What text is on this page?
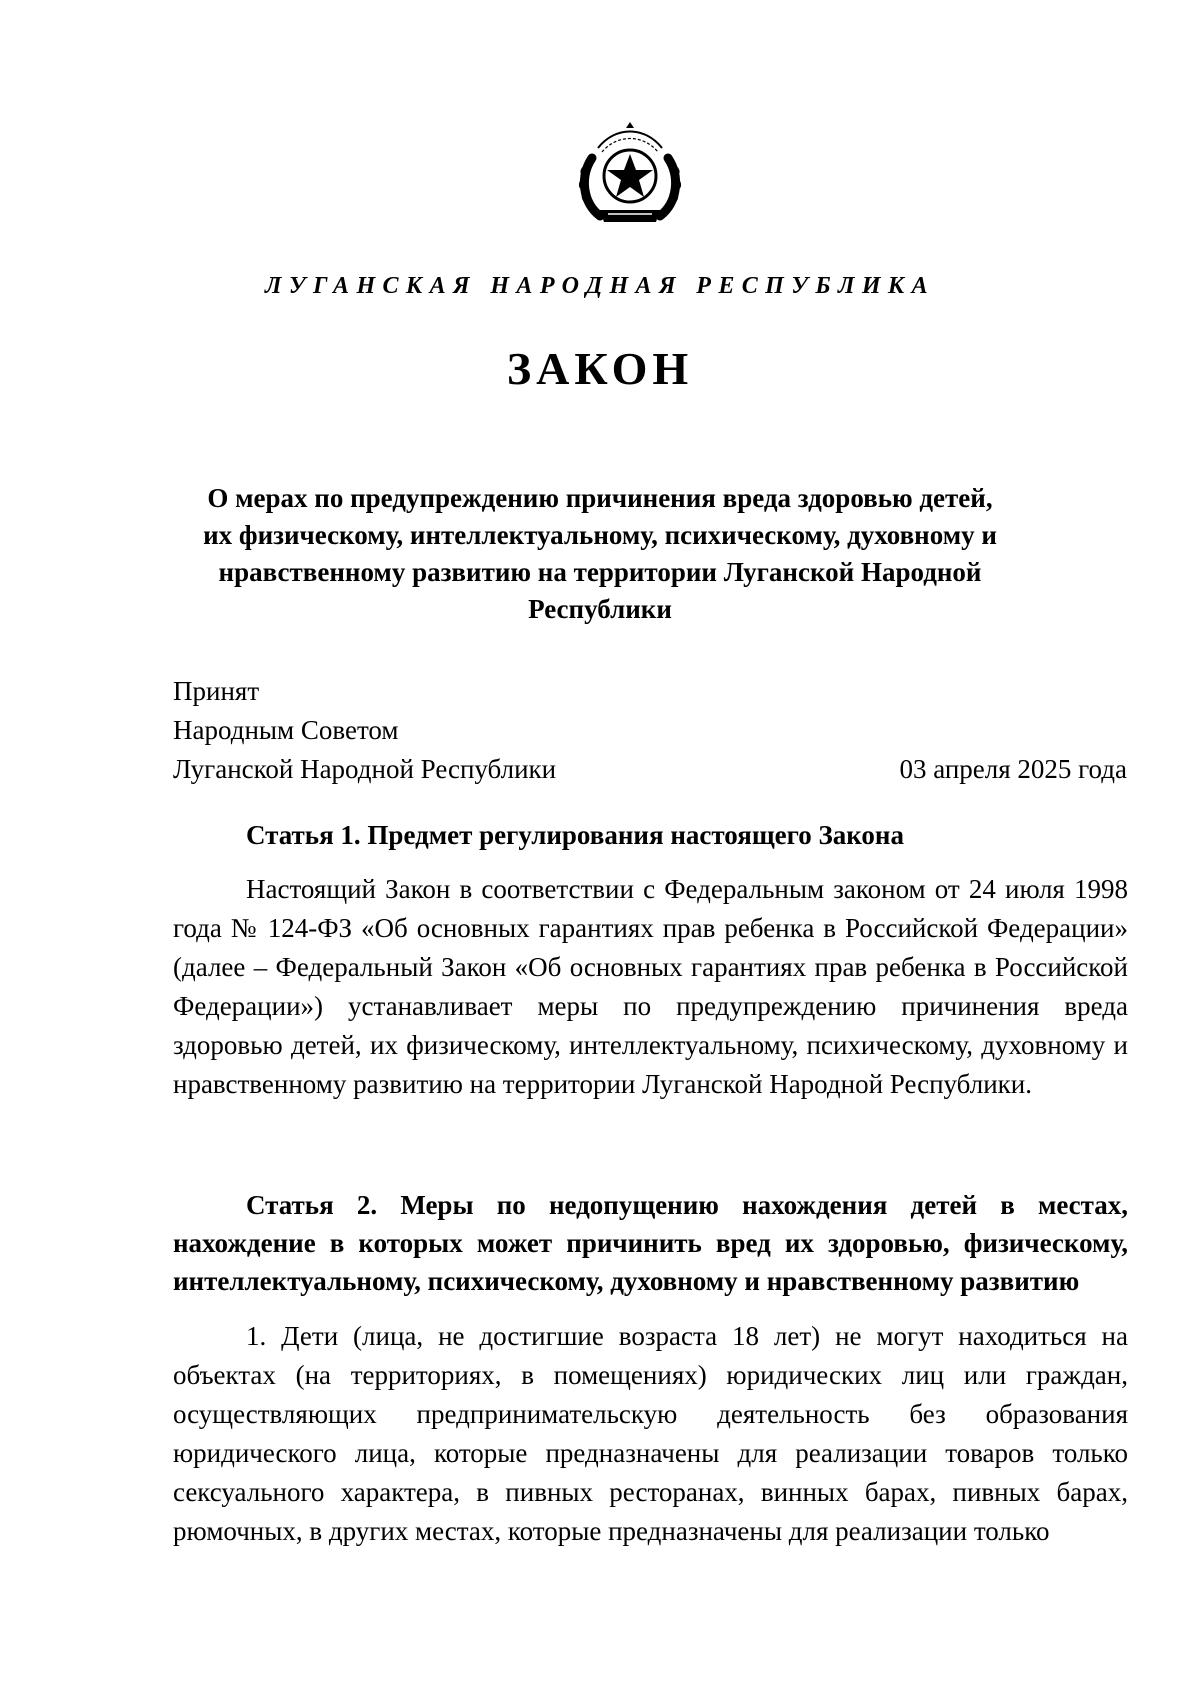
ЛУГАНСКАЯ НАРОДНАЯ РЕСПУБЛИКА
ЗАКОН
О мерах по предупреждению причинения вреда здоровью детей, их физическому, интеллектуальному, психическому, духовному и нравственному развитию на территории Луганской Народной Республики
Принят
Народным Советом
Луганской Народной Республики	03 апреля 2025 года

Статья 1. Предмет регулирования настоящего Закона

Настоящий Закон в соответствии с Федеральным законом от 24 июля 1998 года № 124-ФЗ «Об основных гарантиях прав ребенка в Российской Федерации» (далее – Федеральный Закон «Об основных гарантиях прав ребенка в Российской Федерации») устанавливает меры по предупреждению причинения вреда здоровью детей, их физическому, интеллектуальному, психическому, духовному и нравственному развитию на территории Луганской Народной Республики.

Статья 2. Меры по недопущению нахождения детей в местах, нахождение в которых может причинить вред их здоровью, физическому, интеллектуальному, психическому, духовному и нравственному развитию

1. Дети (лица, не достигшие возраста 18 лет) не могут находиться на объектах (на территориях, в помещениях) юридических лиц или граждан, осуществляющих предпринимательскую деятельность без образования юридического лица, которые предназначены для реализации товаров только сексуального характера, в пивных ресторанах, винных барах, пивных барах, рюмочных, в других местах, которые предназначены для реализации только
